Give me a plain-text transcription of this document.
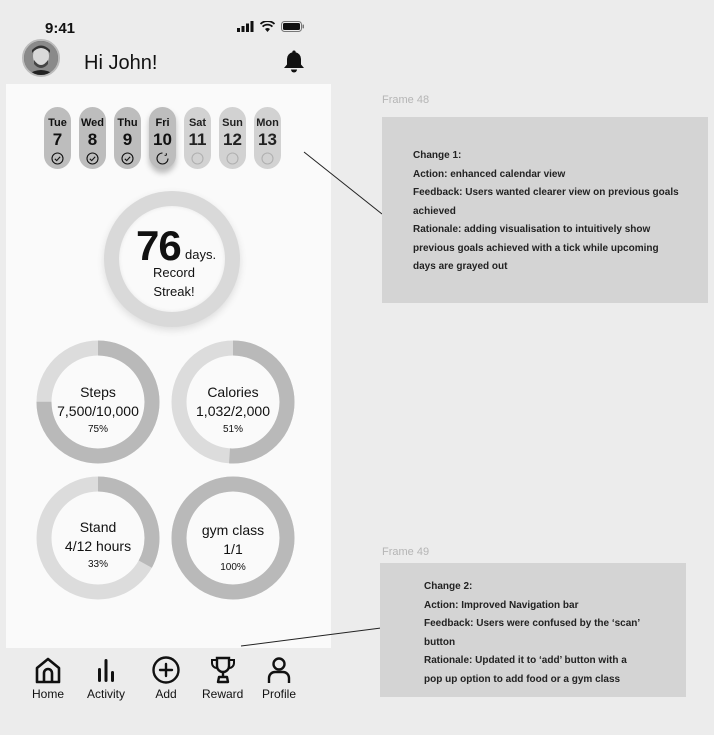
9:41
Hi John!
Tue
7
Wed
8
Thu
9
Fri
10
Sat
11
Sun
12
Mon
13
76 days.
Record
Streak!
Steps
7,500/10,000
75%
Calories
1,032/2,000
51%
Stand
4/12 hours
33%
gym class
1/1
100%
Home Activity	Add Reward Profile
Frame 48

Change 1:

Action: enhanced calendar view

Feedback: Users wanted clearer view on previous goals

achieved

Rationale: adding visualisation to intuitively show

previous goals achieved with a tick while upcoming

days are grayed out

Frame 49

Change 2:

Action: Improved Navigation bar

Feedback: Users were confused by the ‘scan’

button

Rationale: Updated it to ‘add’ button with a

pop up option to add food or a gym class
